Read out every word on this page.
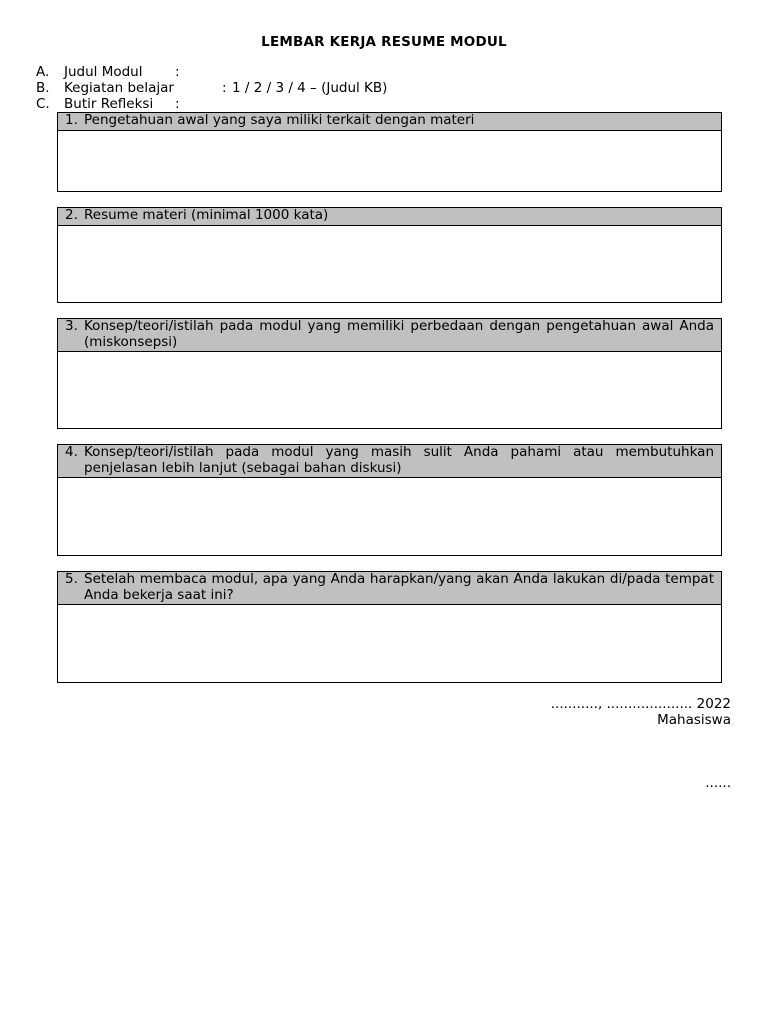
LEMBAR KERJA RESUME MODUL
A. Judul Modul :
B. Kegiatan belajar	: 1 / 2 / 3 / 4 – (Judul KB)
C. Butir Refleksi :
1. Pengetahuan awal yang saya miliki terkait dengan materi
2. Resume materi (minimal 1000 kata)
3. Konsep/teori/istilah pada modul yang memiliki perbedaan dengan pengetahuan awal Anda (miskonsepsi)
4. Konsep/teori/istilah pada modul yang masih sulit Anda pahami atau membutuhkan penjelasan lebih lanjut (sebagai bahan diskusi)
5. Setelah membaca modul, apa yang Anda harapkan/yang akan Anda lakukan di/pada tempat Anda bekerja saat ini?
..........., .................... 2022
Mahasiswa
......
